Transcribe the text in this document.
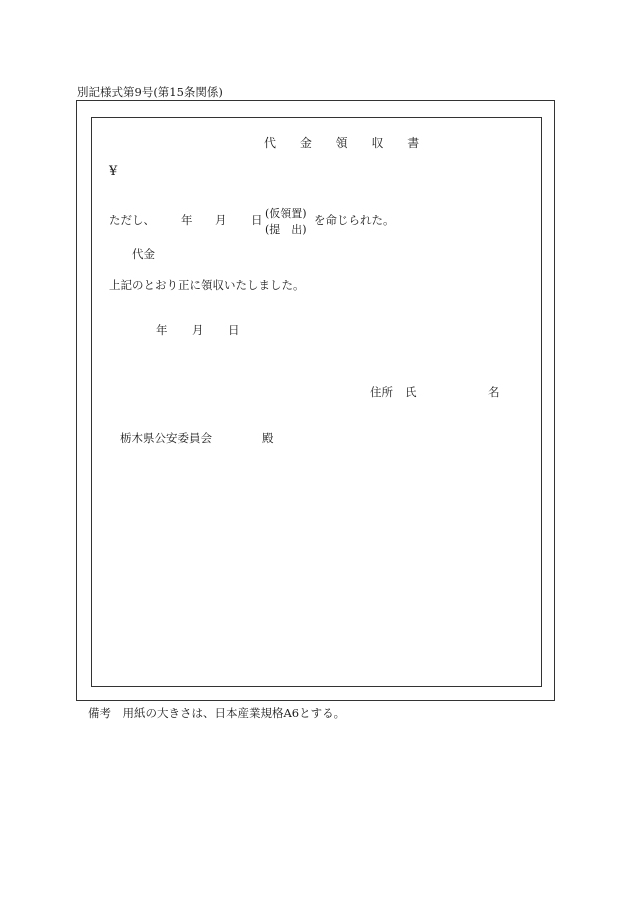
別記様式第9号(第15条関係)
代 金 領 収 書
¥
ただし、 年 月 日 (仮領置)
(提　出)
を命じられた。
代金
上記のとおり正に領収いたしました。
年 月 日
住所 氏	名
栃木県公安委員会	殿
備考　用紙の大きさは、日本産業規格A6とする。
